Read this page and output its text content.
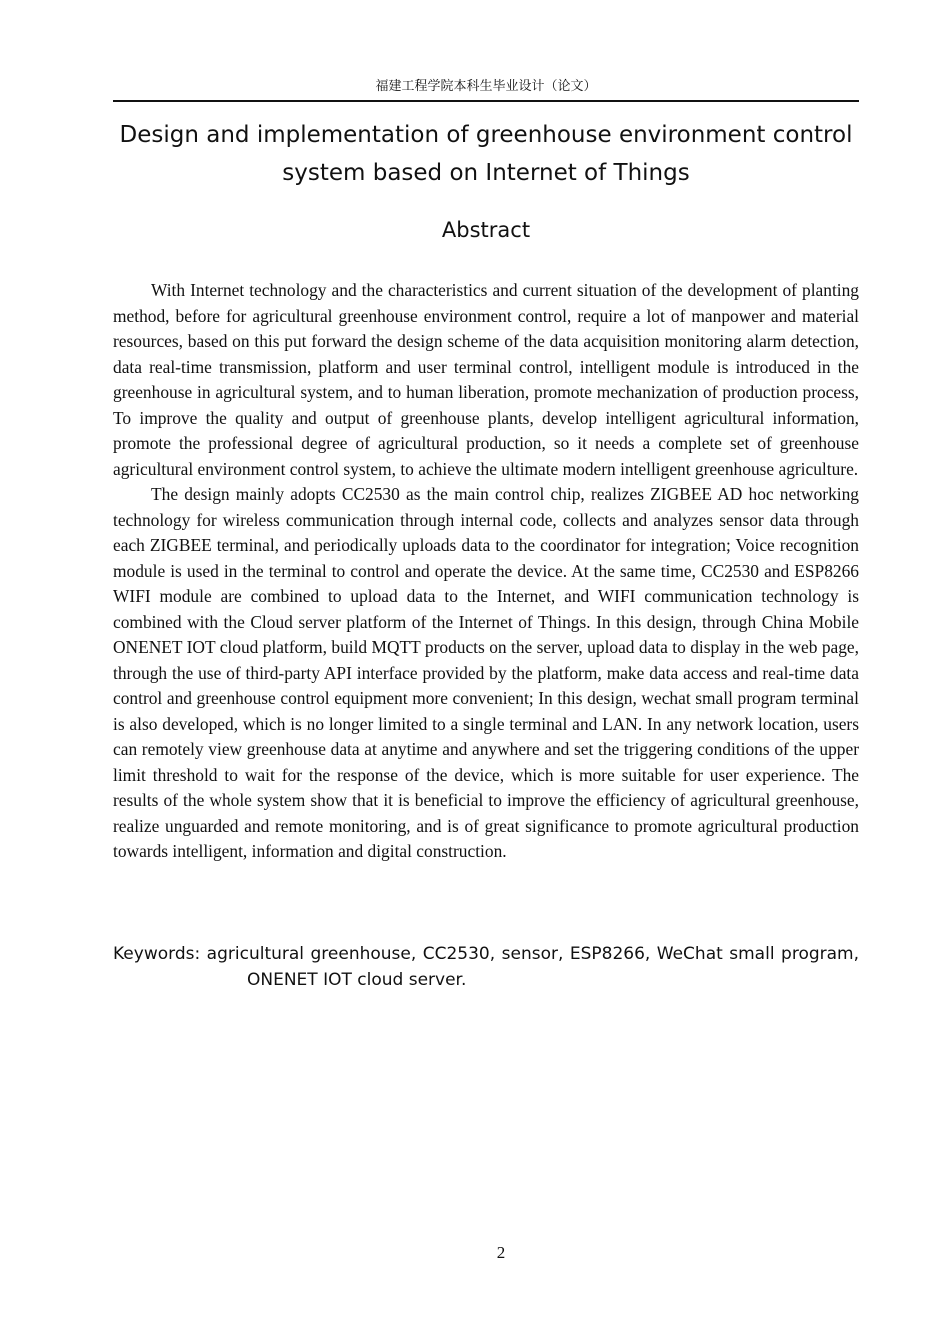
福建工程学院本科生毕业设计（论文）
Design and implementation of greenhouse environment control system based on Internet of Things
Abstract

With Internet technology and the characteristics and current situation of the development of planting method, before for agricultural greenhouse environment control, require a lot of manpower and material resources, based on this put forward the design scheme of the data acquisition monitoring alarm detection, data real-time transmission, platform and user terminal control, intelligent module is introduced in the greenhouse in agricultural system, and to human liberation, promote mechanization of production process, To improve the quality and output of greenhouse plants, develop intelligent agricultural information, promote the professional degree of agricultural production, so it needs a complete set of greenhouse agricultural environment control system, to achieve the ultimate modern intelligent greenhouse agriculture.

The design mainly adopts CC2530 as the main control chip, realizes ZIGBEE AD hoc networking technology for wireless communication through internal code, collects and analyzes sensor data through each ZIGBEE terminal, and periodically uploads data to the coordinator for integration; Voice recognition module is used in the terminal to control and operate the device. At the same time, CC2530 and ESP8266 WIFI module are combined to upload data to the Internet, and WIFI communication technology is combined with the Cloud server platform of the Internet of Things. In this design, through China Mobile ONENET IOT cloud platform, build MQTT products on the server, upload data to display in the web page, through the use of third-party API interface provided by the platform, make data access and real-time data control and greenhouse control equipment more convenient; In this design, wechat small program terminal is also developed, which is no longer limited to a single terminal and LAN. In any network location, users can remotely view greenhouse data at anytime and anywhere and set the triggering conditions of the upper limit threshold to wait for the response of the device, which is more suitable for user experience. The results of the whole system show that it is beneficial to improve the efficiency of agricultural greenhouse, realize unguarded and remote monitoring, and is of great significance to promote agricultural production towards intelligent, information and digital construction.

Keywords: agricultural greenhouse, CC2530, sensor, ESP8266, WeChat small program, ONENET IOT cloud server.
2
